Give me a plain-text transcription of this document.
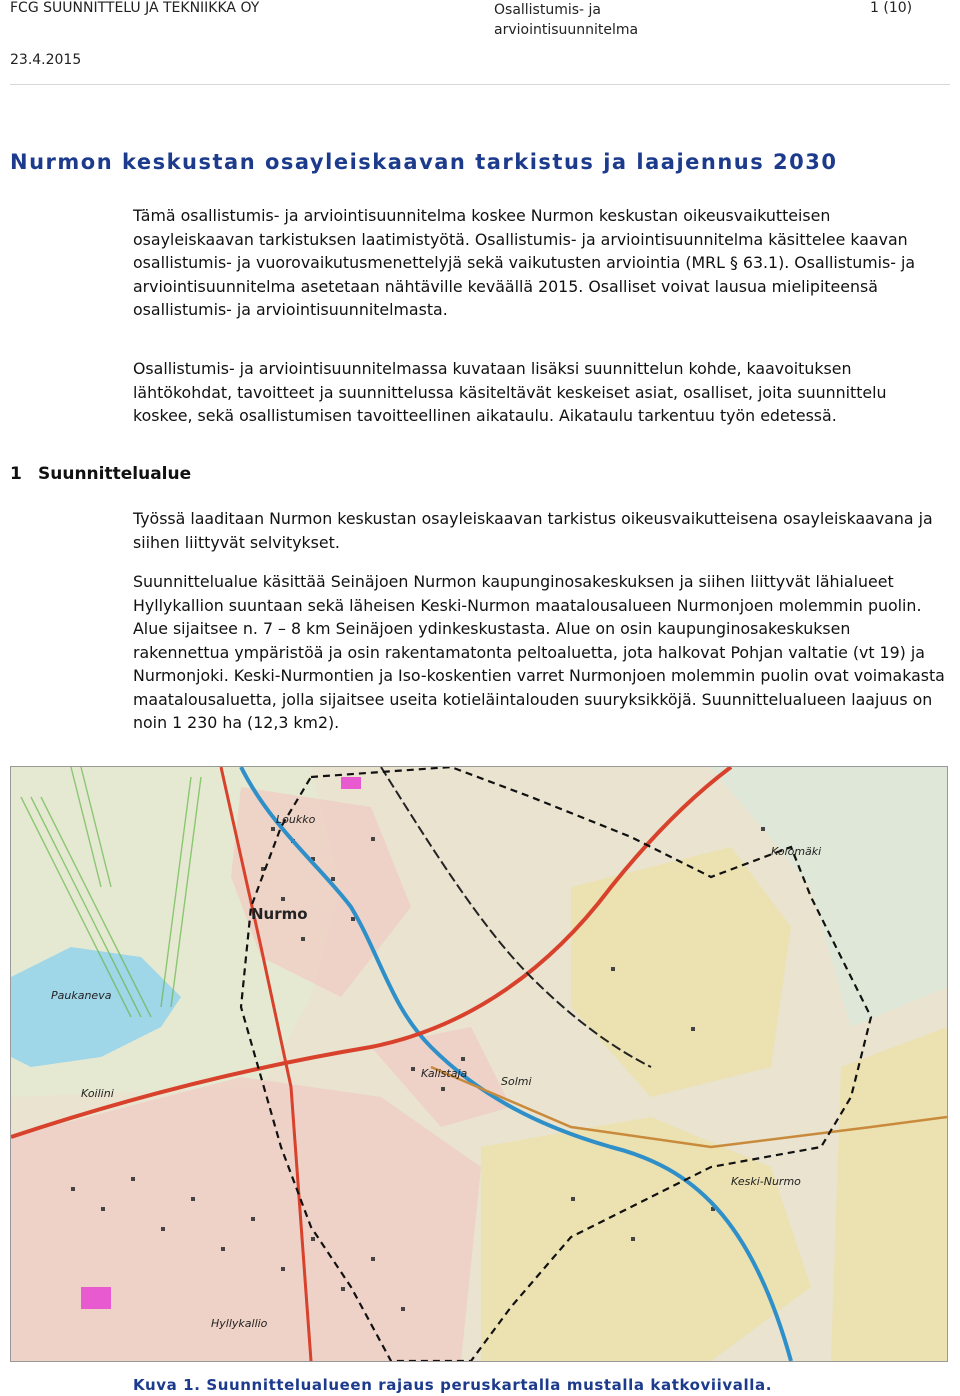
FCG SUUNNITTELU JA TEKNIIKKA OY	Osallistumis- ja arviointisuunnitelma
1 (10)
23.4.2015
Nurmon keskustan osayleiskaavan tarkistus ja laajennus 2030

Tämä osallistumis- ja arviointisuunnitelma koskee Nurmon keskustan oikeusvaikutteisen osayleiskaavan tarkistuksen laatimistyötä. Osallistumis- ja arviointisuunnitelma käsittelee kaavan osallistumis- ja vuorovaikutusmenettelyjä sekä vaikutusten arviointia (MRL § 63.1). Osallistumis- ja arviointisuunnitelma asetetaan nähtäville keväällä 2015. Osalliset voivat lausua mielipiteensä osallistumis- ja arviointisuunnitelmasta.

Osallistumis- ja arviointisuunnitelmassa kuvataan lisäksi suunnittelun kohde, kaavoituksen lähtökohdat, tavoitteet ja suunnittelussa käsiteltävät keskeiset asiat, osalliset, joita suunnittelu koskee, sekä osallistumisen tavoitteellinen aikataulu. Aikataulu tarkentuu työn edetessä.

1 Suunnittelualue

Työssä laaditaan Nurmon keskustan osayleiskaavan tarkistus oikeusvaikutteisena osayleiskaavana ja siihen liittyvät selvitykset.

Suunnittelualue käsittää Seinäjoen Nurmon kaupunginosakeskuksen ja siihen liittyvät lähialueet Hyllykallion suuntaan sekä läheisen Keski-Nurmon maatalousalueen Nurmonjoen molemmin puolin. Alue sijaitsee n. 7 – 8 km Seinäjoen ydinkeskustasta. Alue on osin kaupunginosakeskuksen rakennettua ympäristöä ja osin rakentamatonta peltoaluetta, jota halkovat Pohjan valtatie (vt 19) ja Nurmonjoki. Keski-Nurmontien ja Iso-koskentien varret Nurmonjoen molemmin puolin ovat voimakasta maatalousaluetta, jolla sijaitsee useita kotieläintalouden suuryksikköjä. Suunnittelualueen laajuus on noin 1 230 ha (12,3 km2).

Loukko
Nurmo
Paukaneva
Kolomäki
Kalistaja
Solmi
Koilini
Keski-Nurmo
Hyllykallio

Kuva 1. Suunnittelualueen rajaus peruskartalla mustalla katkoviivalla.
